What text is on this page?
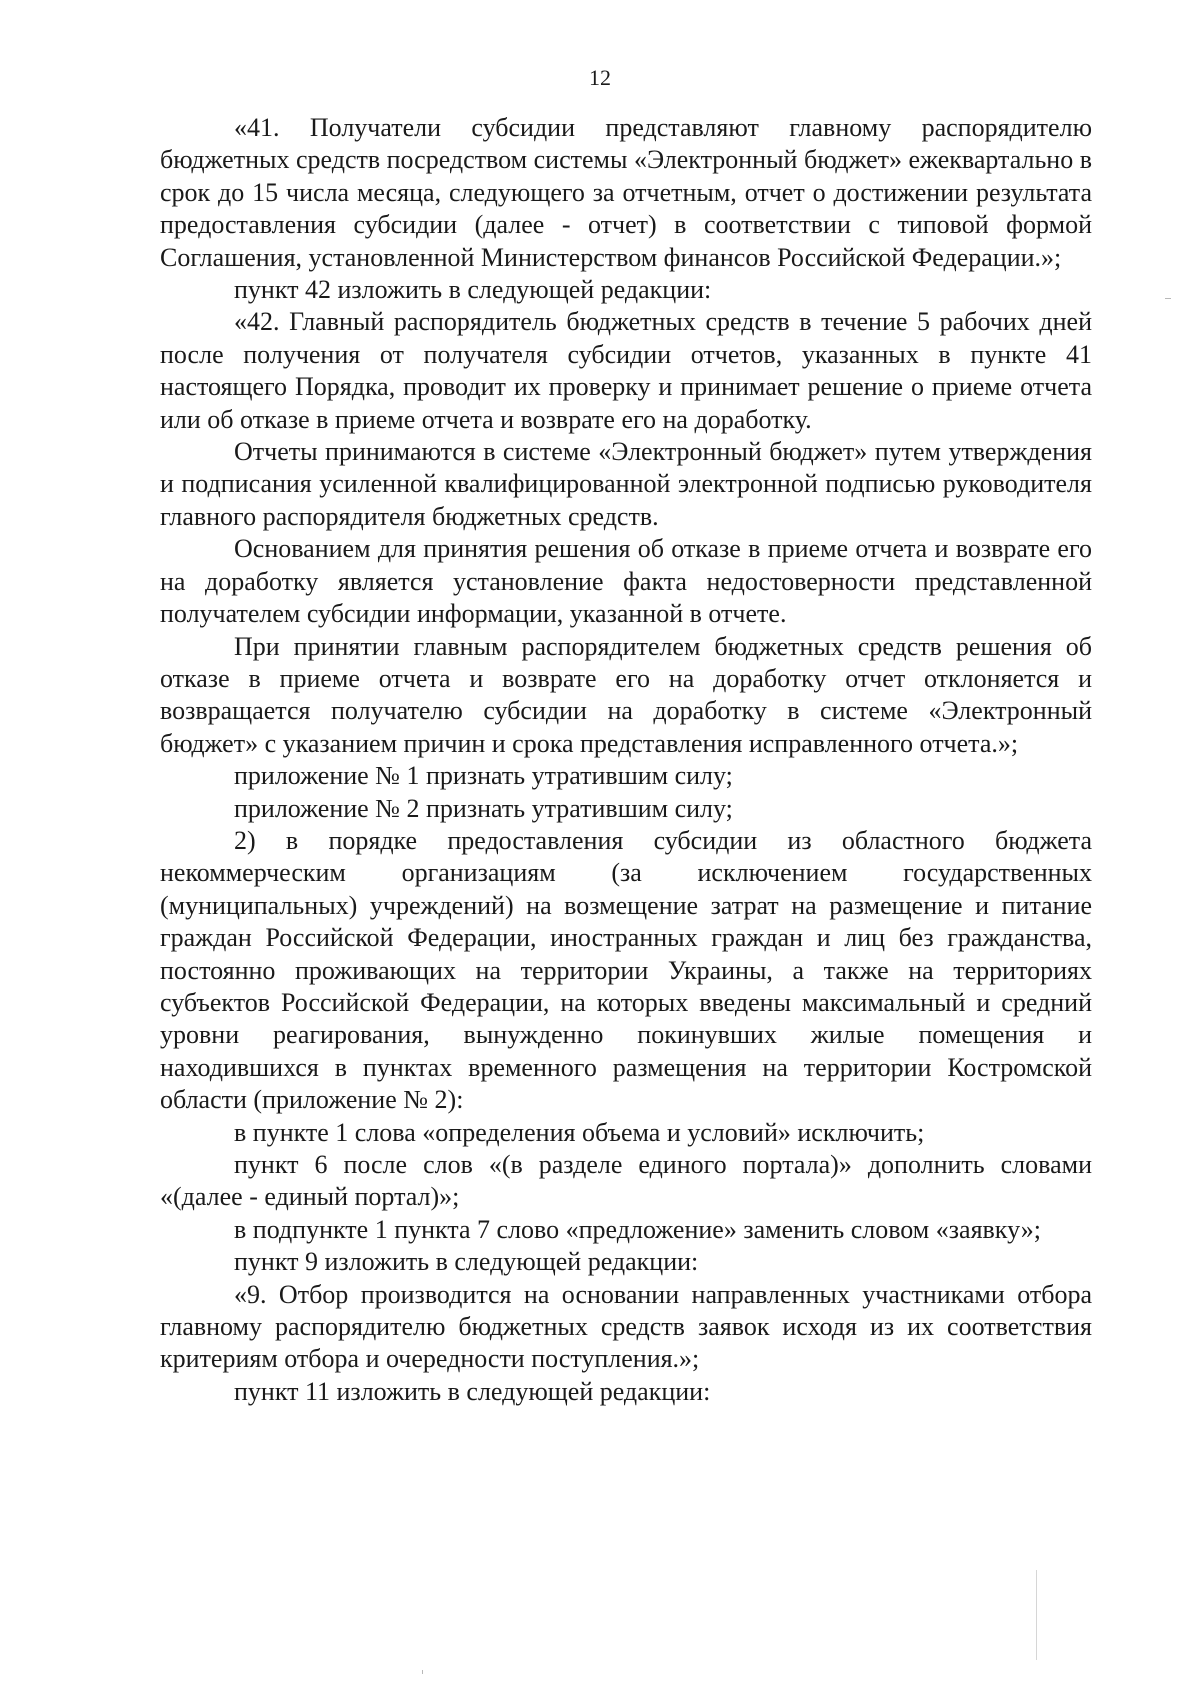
12

«41. Получатели субсидии представляют главному распорядителю бюджетных средств посредством системы «Электронный бюджет» ежеквартально в срок до 15 числа месяца, следующего за отчетным, отчет о достижении результата предоставления субсидии (далее - отчет) в соответствии с типовой формой Соглашения, установленной Министерством финансов Российской Федерации.»;

пункт 42 изложить в следующей редакции:

«42. Главный распорядитель бюджетных средств в течение 5 рабочих дней после получения от получателя субсидии отчетов, указанных в пункте 41 настоящего Порядка, проводит их проверку и принимает решение о приеме отчета или об отказе в приеме отчета и возврате его на доработку.

Отчеты принимаются в системе «Электронный бюджет» путем утверждения и подписания усиленной квалифицированной электронной подписью руководителя главного распорядителя бюджетных средств.

Основанием для принятия решения об отказе в приеме отчета и возврате его на доработку является установление факта недостоверности представленной получателем субсидии информации, указанной в отчете.

При принятии главным распорядителем бюджетных средств решения об отказе в приеме отчета и возврате его на доработку отчет отклоняется и возвращается получателю субсидии на доработку в системе «Электронный бюджет» с указанием причин и срока представления исправленного отчета.»;

приложение № 1 признать утратившим силу;

приложение № 2 признать утратившим силу;

2) в порядке предоставления субсидии из областного бюджета некоммерческим организациям (за исключением государственных (муниципальных) учреждений) на возмещение затрат на размещение и питание граждан Российской Федерации, иностранных граждан и лиц без гражданства, постоянно проживающих на территории Украины, а также на территориях субъектов Российской Федерации, на которых введены максимальный и средний уровни реагирования, вынужденно покинувших жилые помещения и находившихся в пунктах временного размещения на территории Костромской области (приложение № 2):

в пункте 1 слова «определения объема и условий» исключить;

пункт 6 после слов «(в разделе единого портала)» дополнить словами «(далее - единый портал)»;

в подпункте 1 пункта 7 слово «предложение» заменить словом «заявку»;

пункт 9 изложить в следующей редакции:

«9. Отбор производится на основании направленных участниками отбора главному распорядителю бюджетных средств заявок исходя из их соответствия критериям отбора и очередности поступления.»;

пункт 11 изложить в следующей редакции:
